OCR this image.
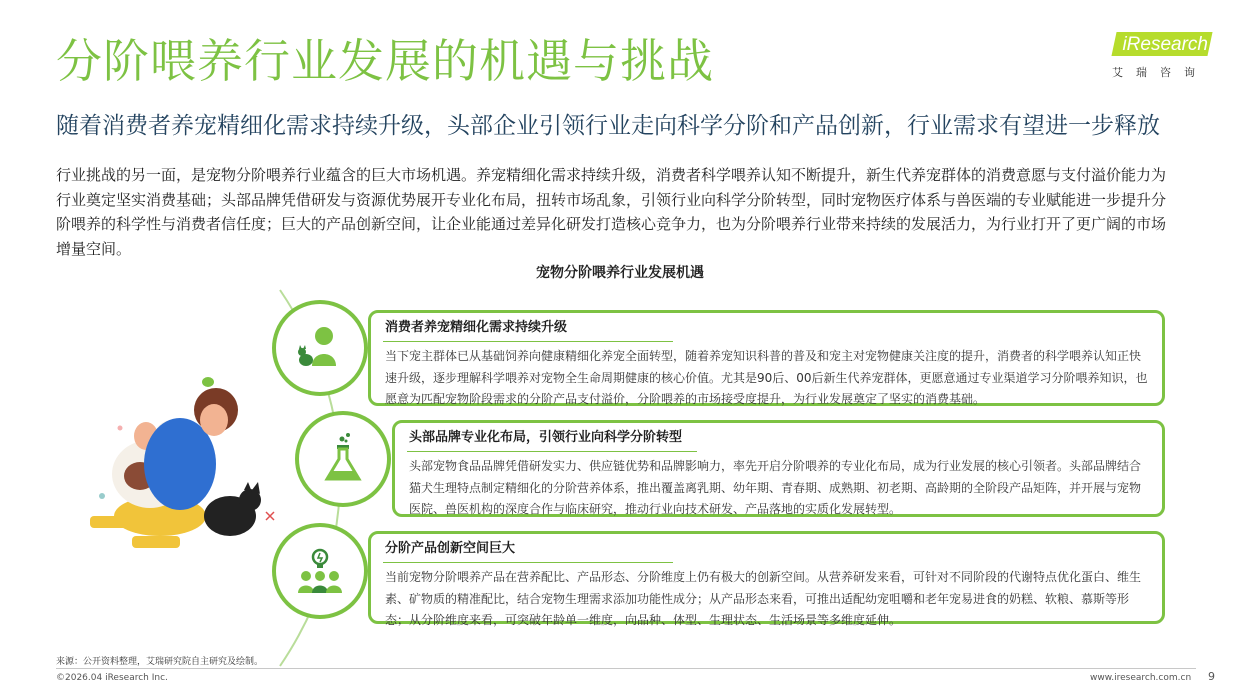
分阶喂养行业发展的机遇与挑战
随着消费者养宠精细化需求持续升级，头部企业引领行业走向科学分阶和产品创新，行业需求有望进一步释放
iResearch
艾瑞咨询
行业挑战的另一面，是宠物分阶喂养行业蕴含的巨大市场机遇。养宠精细化需求持续升级，消费者科学喂养认知不断提升，新生代养宠群体的消费意愿与支付溢价能力为行业奠定坚实消费基础；头部品牌凭借研发与资源优势展开专业化布局，扭转市场乱象，引领行业向科学分阶转型，同时宠物医疗体系与兽医端的专业赋能进一步提升分阶喂养的科学性与消费者信任度；巨大的产品创新空间，让企业能通过差异化研发打造核心竞争力，也为分阶喂养行业带来持续的发展活力，为行业打开了更广阔的市场增量空间。
宠物分阶喂养行业发展机遇
消费者养宠精细化需求持续升级
当下宠主群体已从基础饲养向健康精细化养宠全面转型，随着养宠知识科普的普及和宠主对宠物健康关注度的提升，消费者的科学喂养认知正快速升级，逐步理解科学喂养对宠物全生命周期健康的核心价值。尤其是90后、00后新生代养宠群体，更愿意通过专业渠道学习分阶喂养知识，也愿意为匹配宠物阶段需求的分阶产品支付溢价，分阶喂养的市场接受度提升，为行业发展奠定了坚实的消费基础。
头部品牌专业化布局，引领行业向科学分阶转型
头部宠物食品品牌凭借研发实力、供应链优势和品牌影响力，率先开启分阶喂养的专业化布局，成为行业发展的核心引领者。头部品牌结合猫犬生理特点制定精细化的分阶营养体系，推出覆盖离乳期、幼年期、青春期、成熟期、初老期、高龄期的全阶段产品矩阵，并开展与宠物医院、兽医机构的深度合作与临床研究，推动行业向技术研发、产品落地的实质化发展转型。
分阶产品创新空间巨大
当前宠物分阶喂养产品在营养配比、产品形态、分阶维度上仍有极大的创新空间。从营养研发来看，可针对不同阶段的代谢特点优化蛋白、维生素、矿物质的精准配比，结合宠物生理需求添加功能性成分；从产品形态来看，可推出适配幼宠咀嚼和老年宠易进食的奶糕、软粮、慕斯等形态；从分阶维度来看，可突破年龄单一维度，向品种、体型、生理状态、生活场景等多维度延伸。
来源：公开资料整理，艾瑞研究院自主研究及绘制。
©2026.04 iResearch Inc.	www.iresearch.com.cn 9
